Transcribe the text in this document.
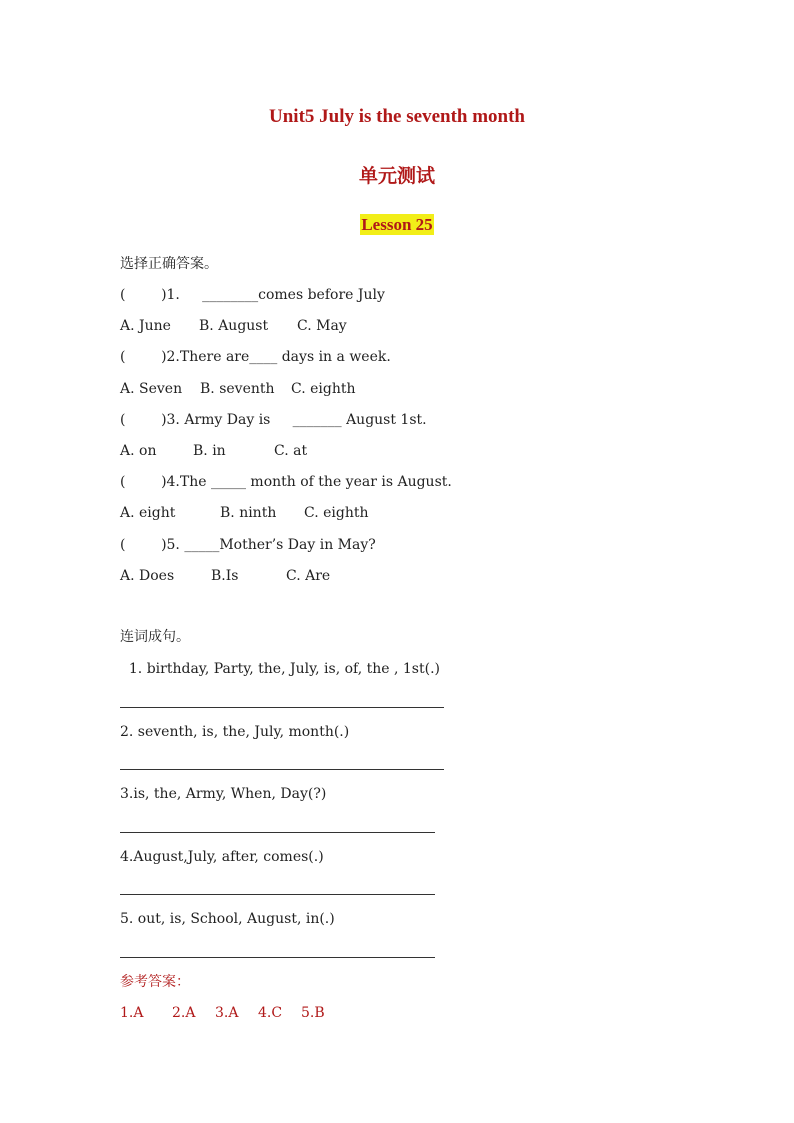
Unit5 July is the seventh month
单元测试
Lesson 25
选择正确答案。
(        )1.     ________comes before July
A. June B. August C. May
(        )2.There are____ days in a week.
A. Seven B. seventh C. eighth
(        )3. Army Day is     _______ August 1st.
A. on	B. in	C. at
(        )4.The _____ month of the year is August.
A. eight	B. ninth C. eighth
(        )5. _____Mother’s Day in May?
A. Does	B.Is	C. Are
连词成句。
1. birthday, Party, the, July, is, of, the , 1st(.)
2. seventh, is, the, July, month(.)
3.is, the, Army, When, Day(?)
4.August,July, after, comes(.)
5. out, is, School, August, in(.)
参考答案：
1.A 2.A 3.A 4.C 5.B
